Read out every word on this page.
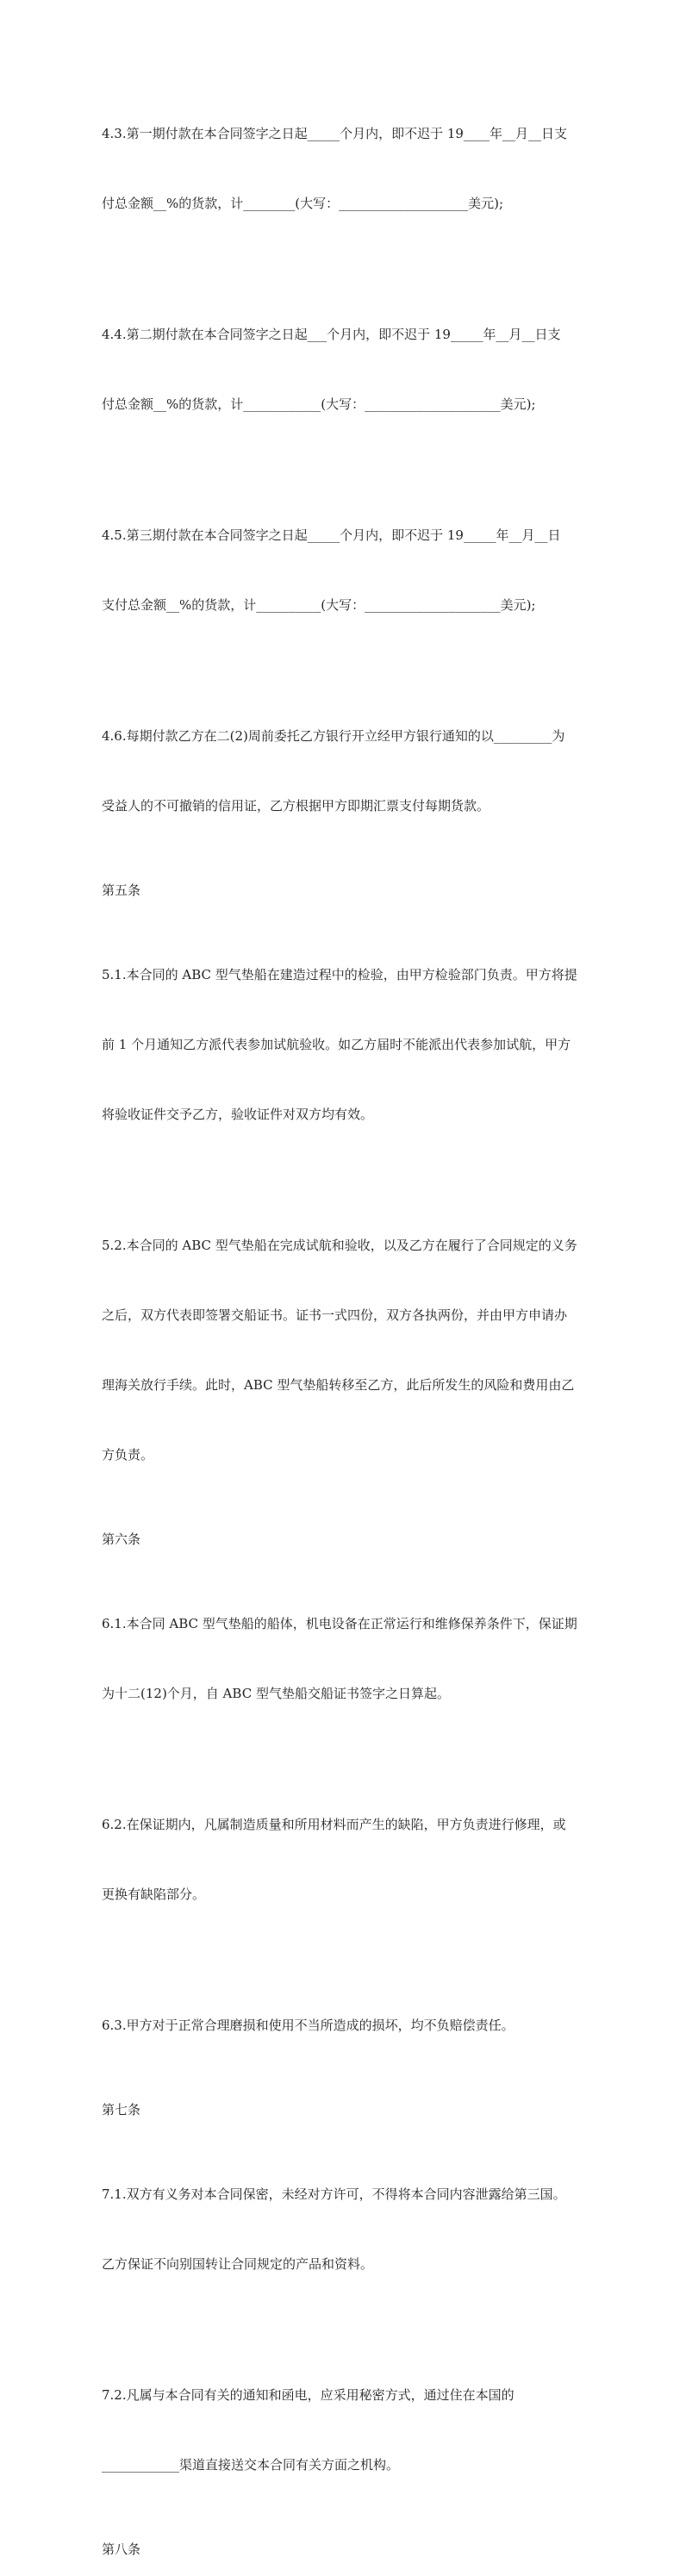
4.3.第一期付款在本合同签字之日起_____个月内，即不迟于 19____年__月__日支

付总金额__%的货款，计________(大写：____________________美元);

4.4.第二期付款在本合同签字之日起___个月内，即不迟于 19_____年__月__日支

付总金额__%的货款，计____________(大写：_____________________美元);

4.5.第三期付款在本合同签字之日起_____个月内，即不迟于 19_____年__月__日

支付总金额__%的货款，计__________(大写：_____________________美元);

4.6.每期付款乙方在二(2)周前委托乙方银行开立经甲方银行通知的以_________为

受益人的不可撤销的信用证，乙方根据甲方即期汇票支付每期货款。

第五条

5.1.本合同的 ABC 型气垫船在建造过程中的检验，由甲方检验部门负责。甲方将提

前 1 个月通知乙方派代表参加试航验收。如乙方届时不能派出代表参加试航，甲方

将验收证件交予乙方，验收证件对双方均有效。

5.2.本合同的 ABC 型气垫船在完成试航和验收，以及乙方在履行了合同规定的义务

之后，双方代表即签署交船证书。证书一式四份，双方各执两份，并由甲方申请办

理海关放行手续。此时，ABC 型气垫船转移至乙方，此后所发生的风险和费用由乙

方负责。

第六条

6.1.本合同 ABC 型气垫船的船体，机电设备在正常运行和维修保养条件下，保证期

为十二(12)个月，自 ABC 型气垫船交船证书签字之日算起。

6.2.在保证期内，凡属制造质量和所用材料而产生的缺陷，甲方负责进行修理，或

更换有缺陷部分。

6.3.甲方对于正常合理磨损和使用不当所造成的损坏，均不负赔偿责任。

第七条

7.1.双方有义务对本合同保密，未经对方许可，不得将本合同内容泄露给第三国。

乙方保证不向别国转让合同规定的产品和资料。

7.2.凡属与本合同有关的通知和函电，应采用秘密方式，通过住在本国的

____________渠道直接送交本合同有关方面之机构。

第八条
